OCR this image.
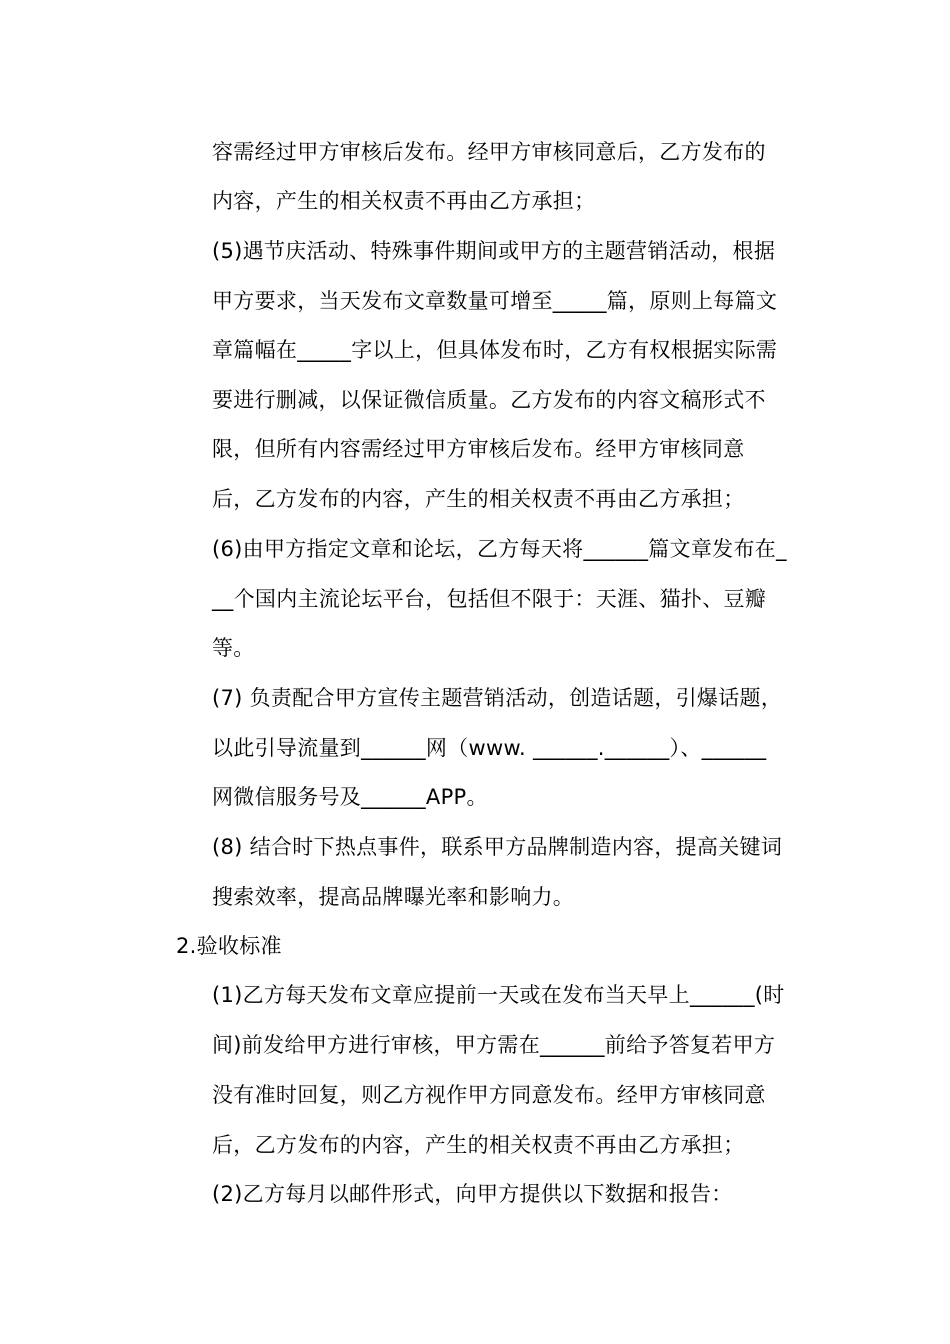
容需经过甲方审核后发布。经甲方审核同意后，乙方发布的
内容，产生的相关权责不再由乙方承担；
(5)遇节庆活动、特殊事件期间或甲方的主题营销活动，根据
甲方要求，当天发布文章数量可增至_____篇，原则上每篇文
章篇幅在_____字以上，但具体发布时，乙方有权根据实际需
要进行删减，以保证微信质量。乙方发布的内容文稿形式不
限，但所有内容需经过甲方审核后发布。经甲方审核同意
后，乙方发布的内容，产生的相关权责不再由乙方承担；
(6)由甲方指定文章和论坛，乙方每天将______篇文章发布在_
__个国内主流论坛平台，包括但不限于：天涯、猫扑、豆瓣
等。
(7) 负责配合甲方宣传主题营销活动，创造话题，引爆话题，
以此引导流量到______网（www. ______.______）、______
网微信服务号及______APP。
(8) 结合时下热点事件，联系甲方品牌制造内容，提高关键词
搜索效率，提高品牌曝光率和影响力。
2.验收标准
(1)乙方每天发布文章应提前一天或在发布当天早上______(时
间)前发给甲方进行审核，甲方需在______前给予答复若甲方
没有准时回复，则乙方视作甲方同意发布。经甲方审核同意
后，乙方发布的内容，产生的相关权责不再由乙方承担；
(2)乙方每月以邮件形式，向甲方提供以下数据和报告：
